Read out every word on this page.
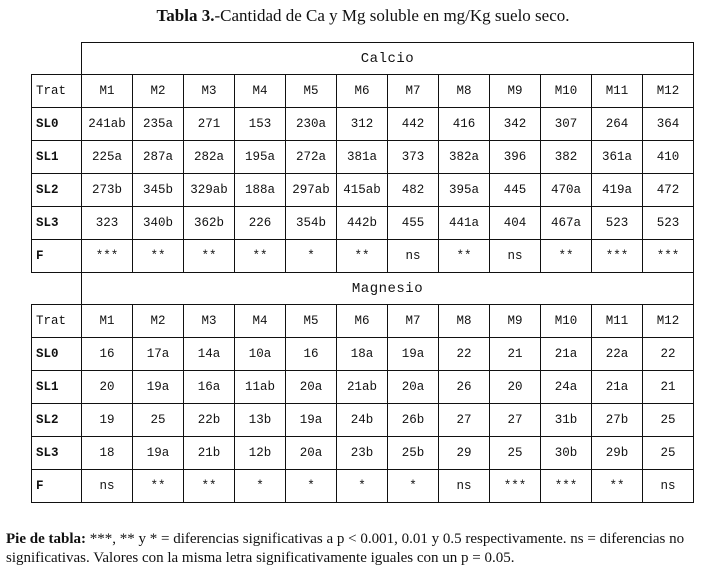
Tabla 3.-Cantidad de Ca y Mg soluble en mg/Kg suelo seco.
	Calcio											
Trat	M1	M2	M3	M4	M5	M6	M7	M8	M9	M10	M11	M12
SL0	241ab	235a	271	153	230a	312	442	416	342	307	264	364
SL1	225a	287a	282a	195a	272a	381a	373	382a	396	382	361a	410
SL2	273b	345b	329ab	188a	297ab	415ab	482	395a	445	470a	419a	472
SL3	323	340b	362b	226	354b	442b	455	441a	404	467a	523	523
F	***	**	**	**	*	**	ns	**	ns	**	***	***
	Magnesio											
Trat	M1	M2	M3	M4	M5	M6	M7	M8	M9	M10	M11	M12
SL0	16	17a	14a	10a	16	18a	19a	22	21	21a	22a	22
SL1	20	19a	16a	11ab	20a	21ab	20a	26	20	24a	21a	21
SL2	19	25	22b	13b	19a	24b	26b	27	27	31b	27b	25
SL3	18	19a	21b	12b	20a	23b	25b	29	25	30b	29b	25
F	ns	**	**	*	*	*	*	ns	***	***	**	ns
Pie de tabla: ***, ** y * = diferencias significativas a p < 0.001, 0.01 y 0.5 respectivamente. ns = diferencias no significativas. Valores con la misma letra significativamente iguales con un p = 0.05.
